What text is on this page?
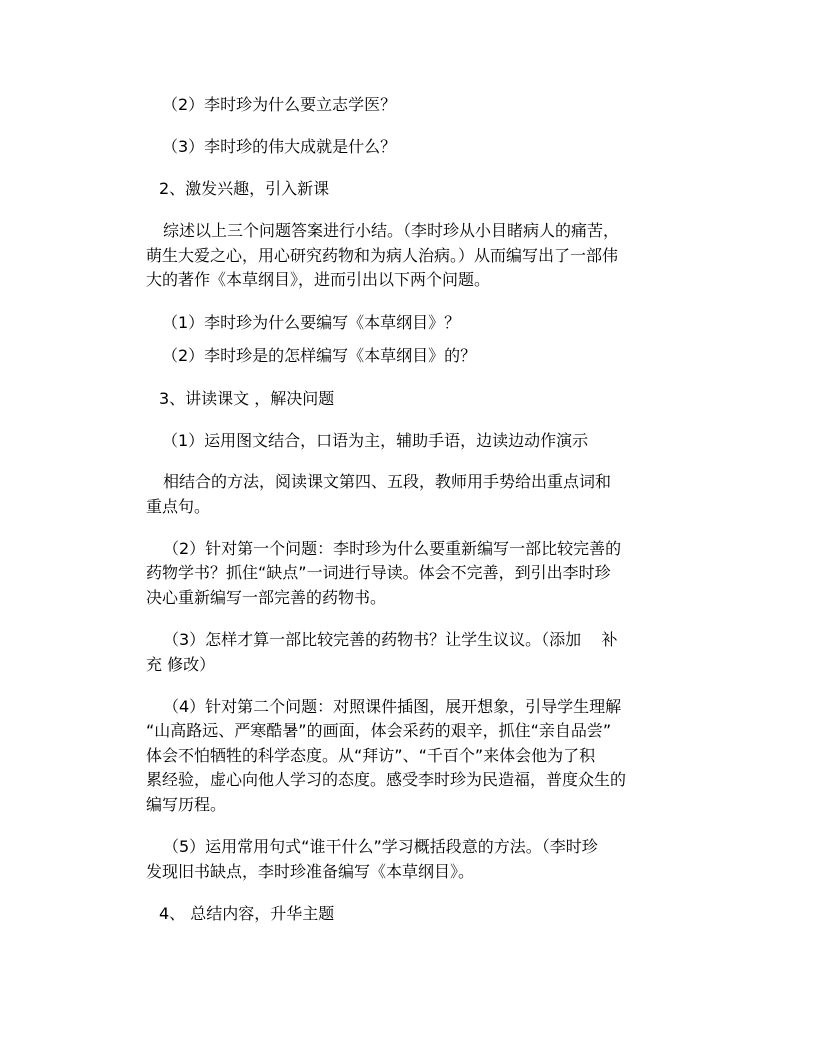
（2）李时珍为什么要立志学医？
（3）李时珍的伟大成就是什么？
2、激发兴趣，引入新课
综述以上三个问题答案进行小结。（李时珍从小目睹病人的痛苦，
萌生大爱之心，用心研究药物和为病人治病。）从而编写出了一部伟
大的著作《本草纲目》，进而引出以下两个问题。
（1）李时珍为什么要编写《本草纲目》？
（2）李时珍是的怎样编写《本草纲目》的？
3、讲读课文 ，解决问题
（1）运用图文结合，口语为主，辅助手语，边读边动作演示
相结合的方法，阅读课文第四、五段，教师用手势给出重点词和
重点句。
（2）针对第一个问题：李时珍为什么要重新编写一部比较完善的
药物学书？抓住“缺点”一词进行导读。体会不完善，到引出李时珍
决心重新编写一部完善的药物书。
（3）怎样才算一部比较完善的药物书？让学生议议。（添加    补
充 修改）
（4）针对第二个问题：对照课件插图，展开想象，引导学生理解
“山高路远、严寒酷暑”的画面，体会采药的艰辛，抓住“亲自品尝”
体会不怕牺牲的科学态度。从“拜访”、“千百个”来体会他为了积
累经验，虚心向他人学习的态度。感受李时珍为民造福，普度众生的
编写历程。
（5）运用常用句式“谁干什么”学习概括段意的方法。（李时珍
发现旧书缺点，李时珍准备编写《本草纲目》。
4、 总结内容，升华主题
